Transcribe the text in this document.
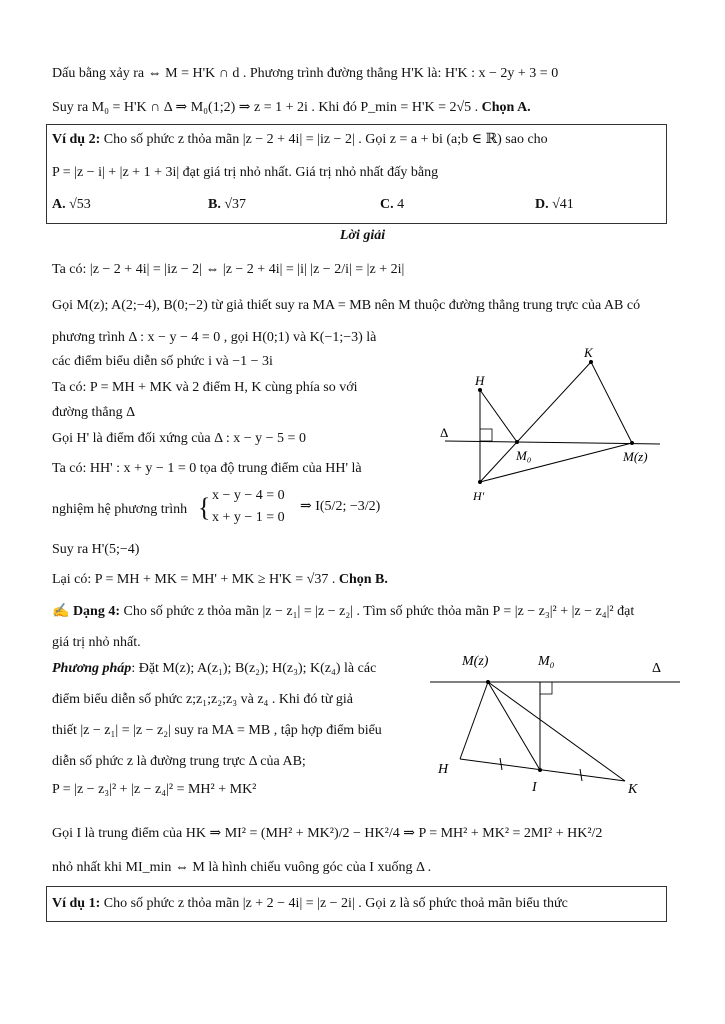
Dấu bằng xảy ra ⇔ M = H'K ∩ d . Phương trình đường thẳng H'K là: H'K : x − 2y + 3 = 0
Suy ra M₀ = H'K ∩ Δ ⇒ M₀(1;2) ⇒ z = 1 + 2i . Khi đó P_min = H'K = 2√5 . Chọn A.
Ví dụ 2: Cho số phức z thỏa mãn |z − 2 + 4i| = |iz − 2| . Gọi z = a + bi (a;b ∈ ℝ) sao cho
P = |z − i| + |z + 1 + 3i| đạt giá trị nhỏ nhất. Giá trị nhỏ nhất đấy bằng
A. √53	B. √37	C. 4	D. √41
Lời giải
Ta có: |z − 2 + 4i| = |iz − 2| ⇔ |z − 2 + 4i| = |i| |z − 2/i| = |z + 2i|
Gọi M(z); A(2;−4), B(0;−2) từ giả thiết suy ra MA = MB nên M thuộc đường thẳng trung trực của AB có
phương trình Δ : x − y − 4 = 0 , gọi H(0;1) và K(−1;−3) là
các điểm biểu diễn số phức i và −1 − 3i
Ta có: P = MH + MK và 2 điểm H, K cùng phía so với
đường thẳng Δ
Gọi H' là điểm đối xứng của Δ : x − y − 5 = 0
Ta có: HH' : x + y − 1 = 0 tọa độ trung điểm của HH' là
nghiệm hệ phương trình { x − y − 4 = 0
x + y − 1 = 0
⇒ I(5/2; −3/2)
Suy ra H'(5;−4)
Lại có: P = MH + MK = MH' + MK ≥ H'K = √37 . Chọn B.
H
K
H'
M₀	M(z)
Δ
✍ Dạng 4: Cho số phức z thỏa mãn |z − z₁| = |z − z₂| . Tìm số phức thỏa mãn P = |z − z₃|² + |z − z₄|² đạt
giá trị nhỏ nhất.
Phương pháp: Đặt M(z); A(z₁); B(z₂); H(z₃); K(z₄) là các
điểm biểu diễn số phức z;z₁;z₂;z₃ và z₄ . Khi đó từ giả
thiết |z − z₁| = |z − z₂| suy ra MA = MB , tập hợp điểm biểu
diễn số phức z là đường trung trực Δ của AB;
P = |z − z₃|² + |z − z₄|² = MH² + MK²
Gọi I là trung điểm của HK ⇒ MI² = (MH² + MK²)/2 − HK²/4 ⇒ P = MH² + MK² = 2MI² + HK²/2
nhỏ nhất khi MI_min ⇔ M là hình chiếu vuông góc của I xuống Δ .
M(z)	M₀	Δ
H
I	K
Ví dụ 1: Cho số phức z thỏa mãn |z + 2 − 4i| = |z − 2i| . Gọi z là số phức thoả mãn biểu thức
